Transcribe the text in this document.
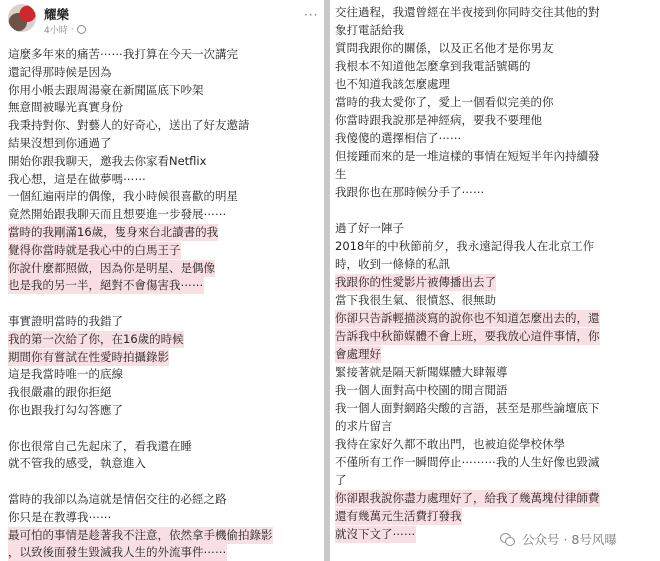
耀樂
4小時 ·
···
這麼多年來的痛苦⋯⋯我打算在今天一次講完
還記得那時候是因為
你用小帳去跟周湯豪在新聞區底下吵架
無意間被曝光真實身份
我秉持對你、對藝人的好奇心，送出了好友邀請
結果沒想到你通過了
開始你跟我聊天，邀我去你家看Netflix
我心想，這是在做夢嗎⋯⋯
一個紅遍兩岸的偶像，我小時候很喜歡的明星
竟然開始跟我聊天而且想要進一步發展⋯⋯
當時的我剛滿16歲，隻身來台北讀書的我
覺得你當時就是我心中的白馬王子
你說什麼都照做，因為你是明星、是偶像
也是我的另一半，絕對不會傷害我⋯⋯
事實證明當時的我錯了
我的第一次給了你，在16歲的時候
期間你有嘗試在性愛時拍攝錄影
這是我當時唯一的底線
我很嚴肅的跟你拒絕
你也跟我打勾勾答應了
你也很常自己先起床了，看我還在睡
就不管我的感受，執意進入
當時的我卻以為這就是情侶交往的必經之路
你只是在教導我⋯⋯
最可怕的事情是趁著我不注意，依然拿手機偷拍錄影
，以致後面發生毀滅我人生的外流事件⋯⋯
交往過程，我還曾經在半夜接到你同時交往其他的對
象打電話給我
質問我跟你的關係，以及正名他才是你男友
我根本不知道他怎麼拿到我電話號碼的
也不知道我該怎麼處理
當時的我太愛你了，愛上一個看似完美的你
你當時跟我說那是神經病，要我不要理他
我傻傻的選擇相信了⋯⋯
但接踵而來的是一堆這樣的事情在短短半年內持續發
生
我跟你也在那時候分手了⋯⋯
過了好一陣子
2018年的中秋節前夕，我永遠記得我人在北京工作
時，收到一條條的私訊
我跟你的性愛影片被傳播出去了
當下我很生氣、很憤怒、很無助
你卻只告訴輕描淡寫的說你也不知道怎麼出去的，還
告訴我中秋節媒體不會上班，要我放心這件事情，你
會處理好
緊接著就是隔天新聞媒體大肆報導
我一個人面對高中校園的閒言閒語
我一個人面對網路尖酸的言語，甚至是那些論壇底下
的求片留言
我待在家好久都不敢出門，也被迫從學校休學
不僅所有工作一瞬間停止⋯⋯⋯我的人生好像也毀滅
了
你卻跟我說你盡力處理好了，給我了幾萬塊付律師費
還有幾萬元生活費打發我
就沒下文了⋯⋯	公众号 · 8号风曝
